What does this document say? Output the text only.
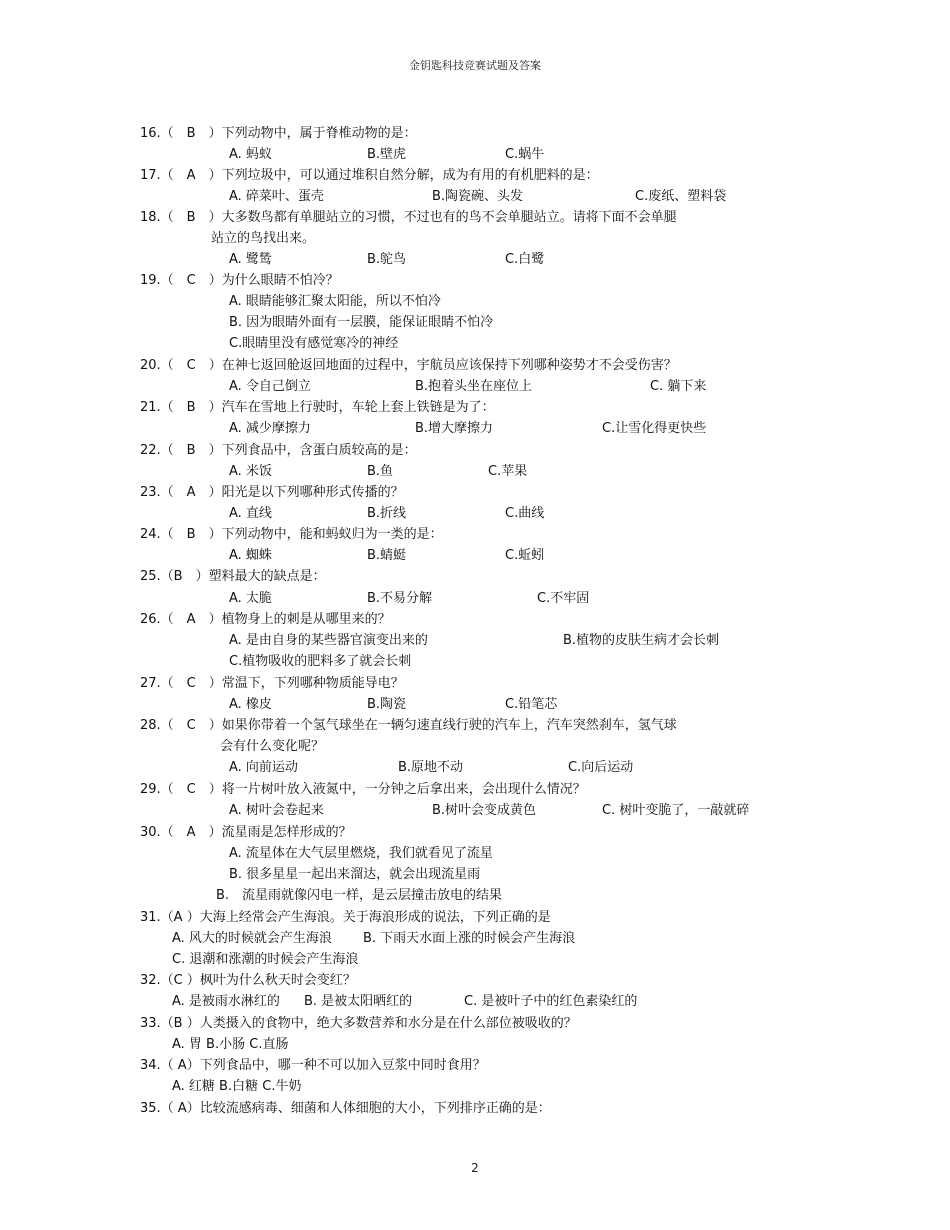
金钥匙科技竞赛试题及答案
16.（　B　）下列动物中，属于脊椎动物的是：
A. 蚂蚁	B.壁虎	C.蜗牛
17.（　A　）下列垃圾中，可以通过堆积自然分解，成为有用的有机肥料的是：
A. 碎菜叶、蛋壳	B.陶瓷碗、头发	C.废纸、塑料袋
18.（　B　）大多数鸟都有单腿站立的习惯，不过也有的鸟不会单腿站立。请将下面不会单腿
站立的鸟找出来。
A. 鹭鸶	B.鸵鸟	C.白鹭
19.（　C　）为什么眼睛不怕冷？
A. 眼睛能够汇聚太阳能，所以不怕冷
B. 因为眼睛外面有一层膜，能保证眼睛不怕冷
C.眼睛里没有感觉寒冷的神经
20.（　C　）在神七返回舱返回地面的过程中，宇航员应该保持下列哪种姿势才不会受伤害？
A. 令自己倒立	B.抱着头坐在座位上	C. 躺下来
21.（　B　）汽车在雪地上行驶时，车轮上套上铁链是为了：
A. 减少摩擦力	B.增大摩擦力	C.让雪化得更快些
22.（　B　）下列食品中，含蛋白质较高的是：
A. 米饭	B.鱼	C.苹果
23.（　A　）阳光是以下列哪种形式传播的？
A. 直线	B.折线	C.曲线
24.（　B　）下列动物中，能和蚂蚁归为一类的是：
A. 蜘蛛	B.蜻蜓	C.蚯蚓
25.（B　）塑料最大的缺点是：
A. 太脆	B.不易分解	C.不牢固
26.（　A　）植物身上的刺是从哪里来的？
A. 是由自身的某些器官演变出来的	B.植物的皮肤生病才会长刺
C.植物吸收的肥料多了就会长刺
27.（　C　）常温下，下列哪种物质能导电？
A. 橡皮	B.陶瓷	C.铅笔芯
28.（　C　）如果你带着一个氢气球坐在一辆匀速直线行驶的汽车上，汽车突然刹车，氢气球
会有什么变化呢？
A. 向前运动	B.原地不动	C.向后运动
29.（　C　）将一片树叶放入液氮中，一分钟之后拿出来，会出现什么情况？
A. 树叶会卷起来	B.树叶会变成黄色	C. 树叶变脆了，一敲就碎
30.（　A　）流星雨是怎样形成的？
A. 流星体在大气层里燃烧，我们就看见了流星
B. 很多星星一起出来溜达，就会出现流星雨
B.　流星雨就像闪电一样，是云层撞击放电的结果
31.（A ）大海上经常会产生海浪。关于海浪形成的说法，下列正确的是
A. 风大的时候就会产生海浪 B. 下雨天水面上涨的时候会产生海浪
C. 退潮和涨潮的时候会产生海浪
32.（C ）枫叶为什么秋天时会变红？
A. 是被雨水淋红的 B. 是被太阳晒红的	C. 是被叶子中的红色素染红的
33.（B ）人类摄入的食物中，绝大多数营养和水分是在什么部位被吸收的？
A. 胃 B.小肠 C.直肠
34.（ A）下列食品中，哪一种不可以加入豆浆中同时食用？
A. 红糖 B.白糖 C.牛奶
35.（ A）比较流感病毒、细菌和人体细胞的大小，下列排序正确的是：
2
